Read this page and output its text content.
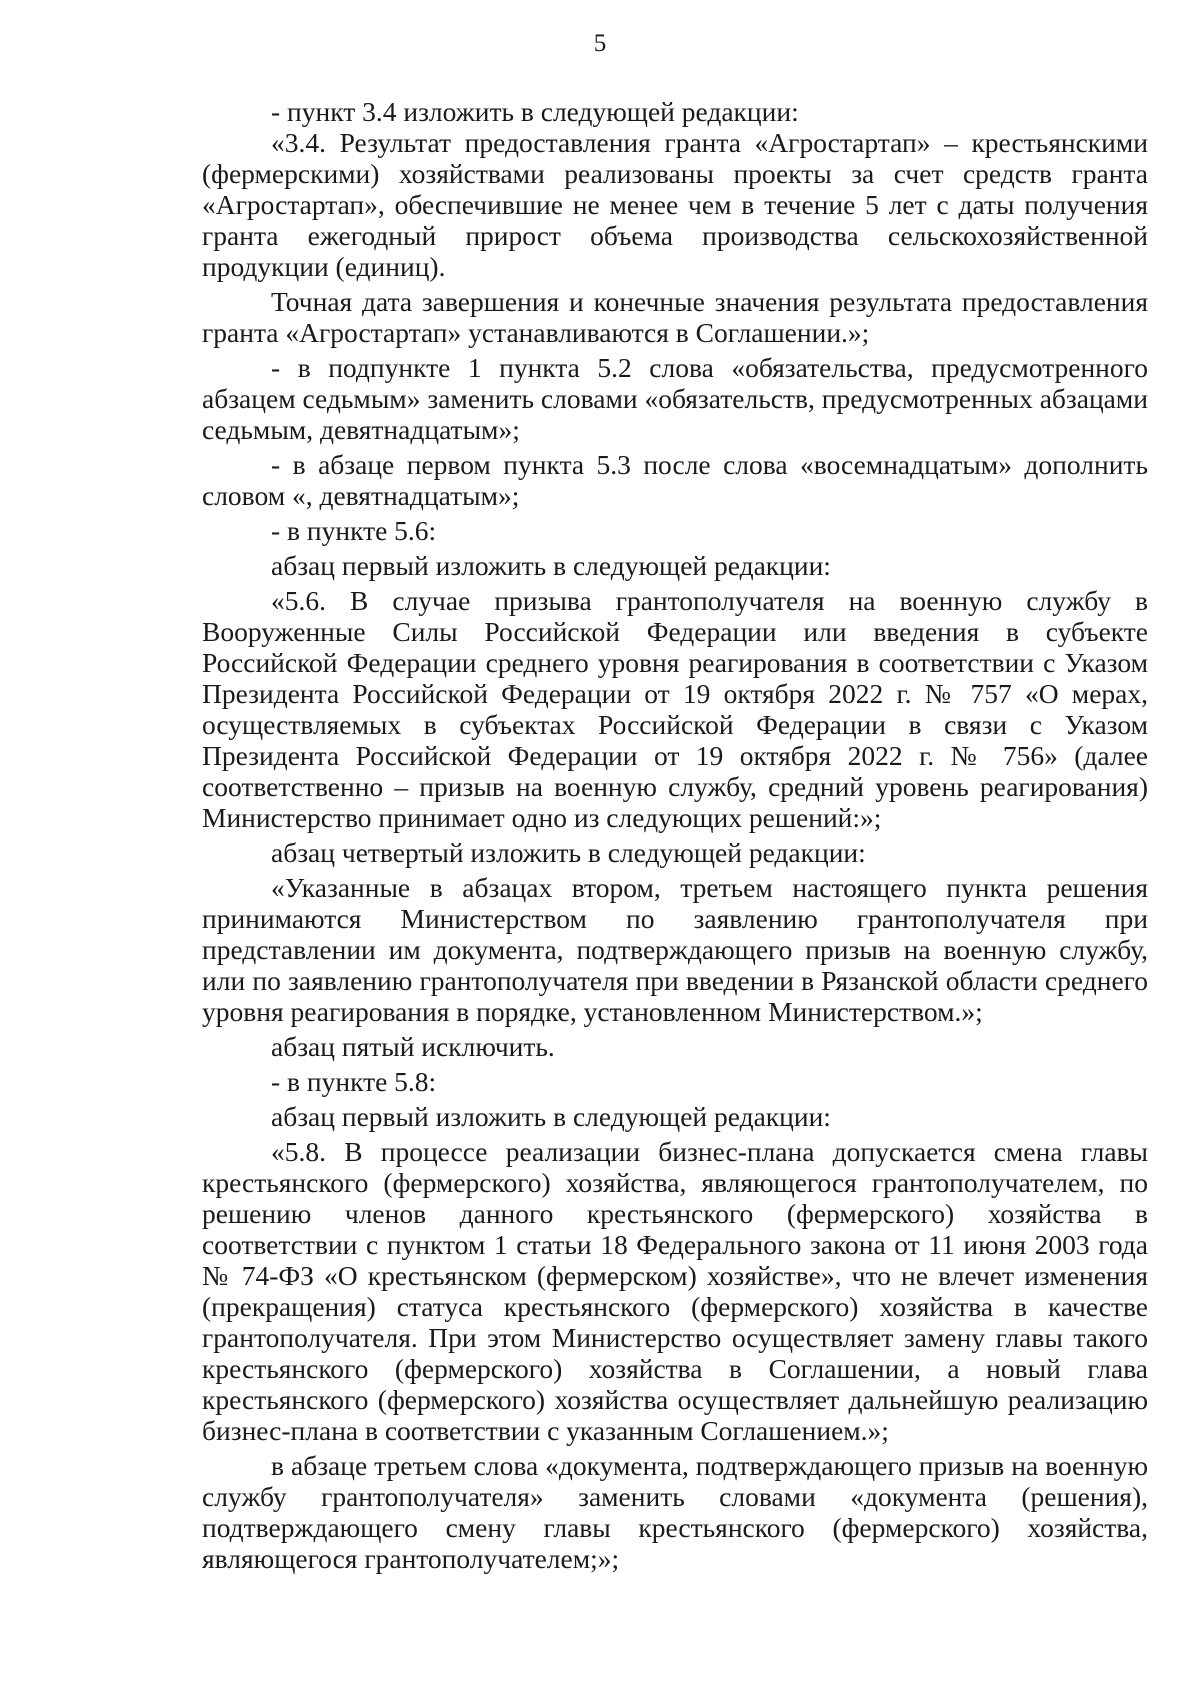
5

- пункт 3.4 изложить в следующей редакции:

«3.4. Результат предоставления гранта «Агростартап» – крестьянскими (фермерскими) хозяйствами реализованы проекты за счет средств гранта «Агростартап», обеспечившие не менее чем в течение 5 лет с даты получения гранта ежегодный прирост объема производства сельскохозяйственной продукции (единиц).

Точная дата завершения и конечные значения результата предоставления гранта «Агростартап» устанавливаются в Соглашении.»;

- в подпункте 1 пункта 5.2 слова «обязательства, предусмотренного абзацем седьмым» заменить словами «обязательств, предусмотренных абзацами седьмым, девятнадцатым»;

- в абзаце первом пункта 5.3 после слова «восемнадцатым» дополнить словом «, девятнадцатым»;

- в пункте 5.6:

абзац первый изложить в следующей редакции:

«5.6. В случае призыва грантополучателя на военную службу в Вооруженные Силы Российской Федерации или введения в субъекте Российской Федерации среднего уровня реагирования в соответствии с Указом Президента Российской Федерации от 19 октября 2022 г. № 757 «О мерах, осуществляемых в субъектах Российской Федерации в связи с Указом Президента Российской Федерации от 19 октября 2022 г. № 756» (далее соответственно – призыв на военную службу, средний уровень реагирования) Министерство принимает одно из следующих решений:»;

абзац четвертый изложить в следующей редакции:

«Указанные в абзацах втором, третьем настоящего пункта решения принимаются Министерством по заявлению грантополучателя при представлении им документа, подтверждающего призыв на военную службу, или по заявлению грантополучателя при введении в Рязанской области среднего уровня реагирования в порядке, установленном Министерством.»;

абзац пятый исключить.

- в пункте 5.8:

абзац первый изложить в следующей редакции:

«5.8. В процессе реализации бизнес-плана допускается смена главы крестьянского (фермерского) хозяйства, являющегося грантополучателем, по решению членов данного крестьянского (фермерского) хозяйства в соответствии с пунктом 1 статьи 18 Федерального закона от 11 июня 2003 года № 74-ФЗ «О крестьянском (фермерском) хозяйстве», что не влечет изменения (прекращения) статуса крестьянского (фермерского) хозяйства в качестве грантополучателя. При этом Министерство осуществляет замену главы такого крестьянского (фермерского) хозяйства в Соглашении, а новый глава крестьянского (фермерского) хозяйства осуществляет дальнейшую реализацию бизнес-плана в соответствии с указанным Соглашением.»;

в абзаце третьем слова «документа, подтверждающего призыв на военную службу грантополучателя» заменить словами «документа (решения), подтверждающего смену главы крестьянского (фермерского) хозяйства, являющегося грантополучателем;»;
